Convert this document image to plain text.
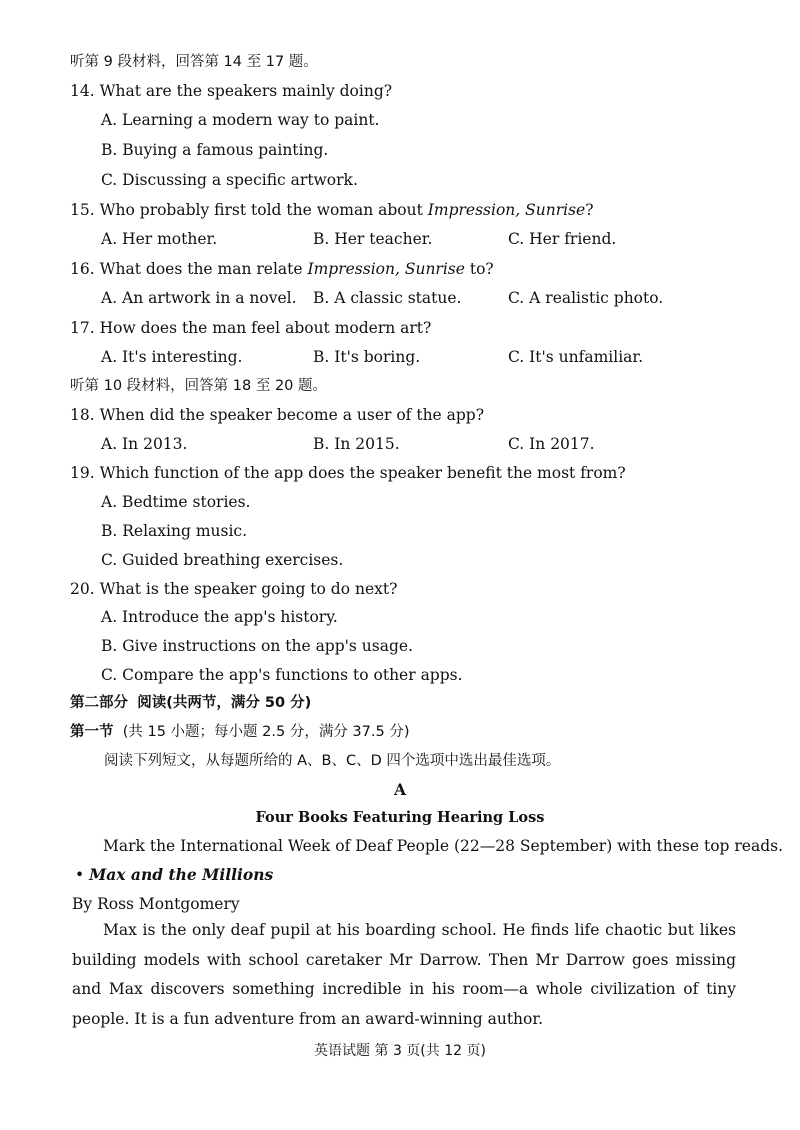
听第 9 段材料，回答第 14 至 17 题。
14. What are the speakers mainly doing?
A. Learning a modern way to paint.
B. Buying a famous painting.
C. Discussing a specific artwork.
15. Who probably first told the woman about Impression, Sunrise?
A. Her mother.	B. Her teacher.	C. Her friend.
16. What does the man relate Impression, Sunrise to?
A. An artwork in a novel. B. A classic statue.	C. A realistic photo.
17. How does the man feel about modern art?
A. It's interesting.	B. It's boring.	C. It's unfamiliar.
听第 10 段材料，回答第 18 至 20 题。
18. When did the speaker become a user of the app?
A. In 2013.	B. In 2015.	C. In 2017.
19. Which function of the app does the speaker benefit the most from?
A. Bedtime stories.
B. Relaxing music.
C. Guided breathing exercises.
20. What is the speaker going to do next?
A. Introduce the app's history.
B. Give instructions on the app's usage.
C. Compare the app's functions to other apps.
第二部分 阅读(共两节，满分 50 分)
第一节 (共 15 小题；每小题 2.5 分，满分 37.5 分)
阅读下列短文，从每题所给的 A、B、C、D 四个选项中选出最佳选项。
A
Four Books Featuring Hearing Loss
Mark the International Week of Deaf People (22—28 September) with these top reads.
• Max and the Millions
By Ross Montgomery
Max is the only deaf pupil at his boarding school. He finds life chaotic but likes building models with school caretaker Mr Darrow. Then Mr Darrow goes missing and Max discovers something incredible in his room—a whole civilization of tiny people. It is a fun adventure from an award-winning author.
英语试题 第 3 页(共 12 页)
